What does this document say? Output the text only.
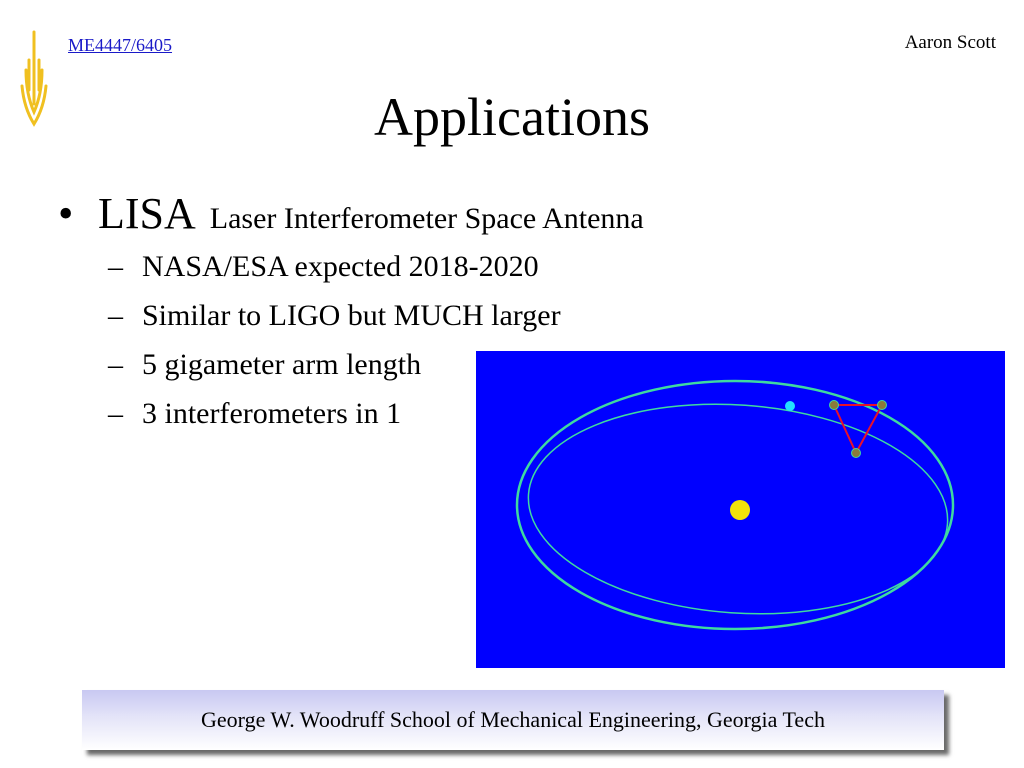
ME4447/6405	Aaron Scott
Applications
• LISA Laser Interferometer Space Antenna
– NASA/ESA expected 2018-2020
– Similar to LIGO but MUCH larger
– 5 gigameter arm length
– 3 interferometers in 1
George W. Woodruff School of Mechanical Engineering, Georgia Tech
